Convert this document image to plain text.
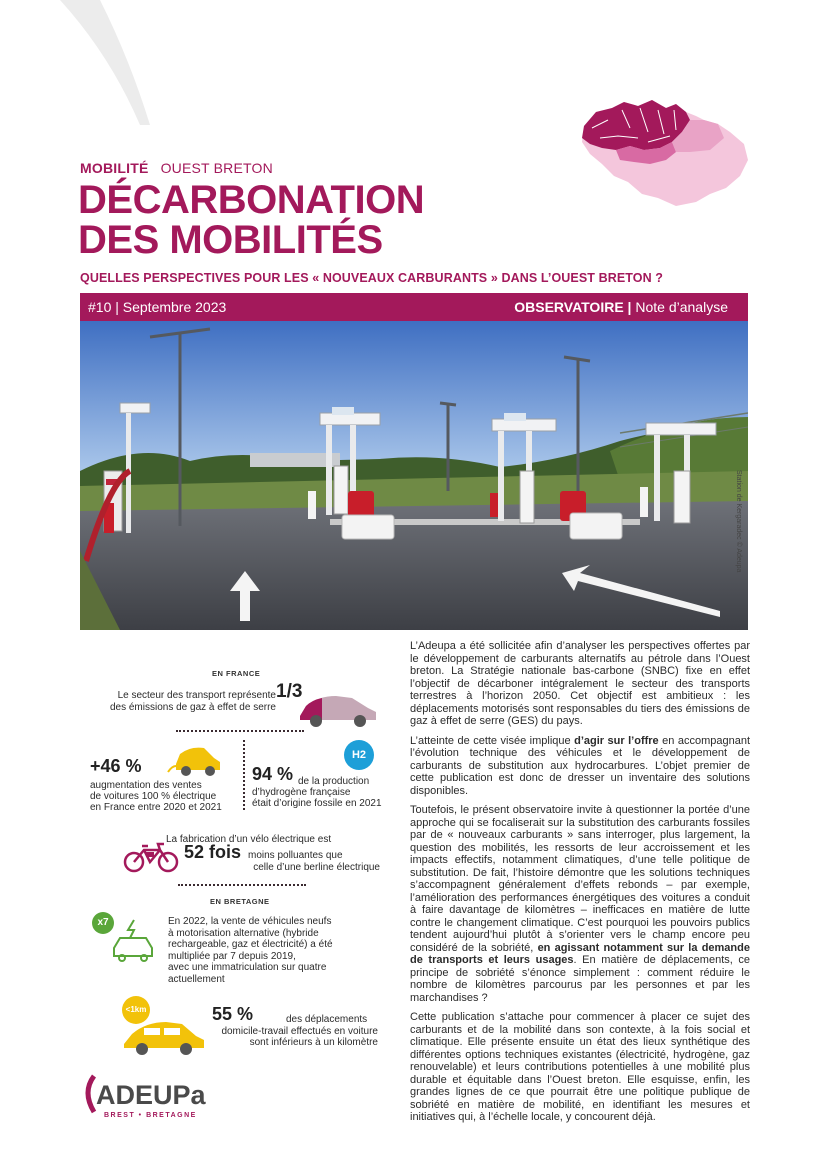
MOBILITÉ OUEST BRETON
DÉCARBONATION
DES MOBILITÉS
QUELLES PERSPECTIVES POUR LES « NOUVEAUX CARBURANTS » DANS L’OUEST BRETON ?
#10 | Septembre 2023	OBSERVATOIRE | Note d’analyse
Station de Kergaradec © Adeupa
EN FRANCE
Le secteur des transport représente
des émissions de gaz à effet de serre
1/3
+46 %
augmentation des ventes
de voitures 100 % électrique
en France entre 2020 et 2021
H2
94 % de la production
d’hydrogène française
était d’origine fossile en 2021
La fabrication d’un vélo électrique est
52 fois moins polluantes que
celle d’une berline électrique
EN BRETAGNE
x7	En 2022, la vente de véhicules neufs
à motorisation alternative (hybride
rechargeable, gaz et électricité) a été
multipliée par 7 depuis 2019,
avec une immatriculation sur quatre
actuellement
<1km	55 %	des déplacements
domicile-travail effectués en voiture
sont inférieurs à un kilomètre

L’Adeupa a été sollicitée afin d’analyser les perspectives offertes par le développement de carburants alternatifs au pétrole dans l’Ouest breton. La Stratégie nationale bas-carbone (SNBC) fixe en effet l’objectif de décarboner intégralement le secteur des transports terrestres à l’horizon 2050. Cet objectif est ambitieux : les déplacements motorisés sont responsables du tiers des émissions de gaz à effet de serre (GES) du pays.

L’atteinte de cette visée implique d’agir sur l’offre en accompagnant l’évolution technique des véhicules et le développement de carburants de substitution aux hydrocarbures. L’objet premier de cette publication est donc de dresser un inventaire des solutions disponibles.

Toutefois, le présent observatoire invite à questionner la portée d’une approche qui se focaliserait sur la substitution des carburants fossiles par de « nouveaux carburants » sans interroger, plus largement, la question des mobilités, les ressorts de leur accroissement et les impacts effectifs, notamment climatiques, d’une telle politique de substitution. De fait, l’histoire démontre que les solutions techniques s’accompagnent généralement d’effets rebonds – par exemple, l’amélioration des performances énergétiques des voitures a conduit à faire davantage de kilomètres – inefficaces en matière de lutte contre le changement climatique. C’est pourquoi les pouvoirs publics tendent aujourd’hui plutôt à s’orienter vers le champ encore peu considéré de la sobriété, en agissant notamment sur la demande de transports et leurs usages. En matière de déplacements, ce principe de sobriété s’énonce simplement : comment réduire le nombre de kilomètres parcourus par les personnes et par les marchandises ?

Cette publication s’attache pour commencer à placer ce sujet des carburants et de la mobilité dans son contexte, à la fois social et climatique. Elle présente ensuite un état des lieux synthétique des différentes options techniques existantes (électricité, hydrogène, gaz renouvelable) et leurs contributions potentielles à une mobilité plus durable et équitable dans l’Ouest breton. Elle esquisse, enfin, les grandes lignes de ce que pourrait être une politique publique de sobriété en matière de mobilité, en identifiant les mesures et initiatives qui, à l’échelle locale, y concourent déjà.

ADEUPa
BREST • BRETAGNE
